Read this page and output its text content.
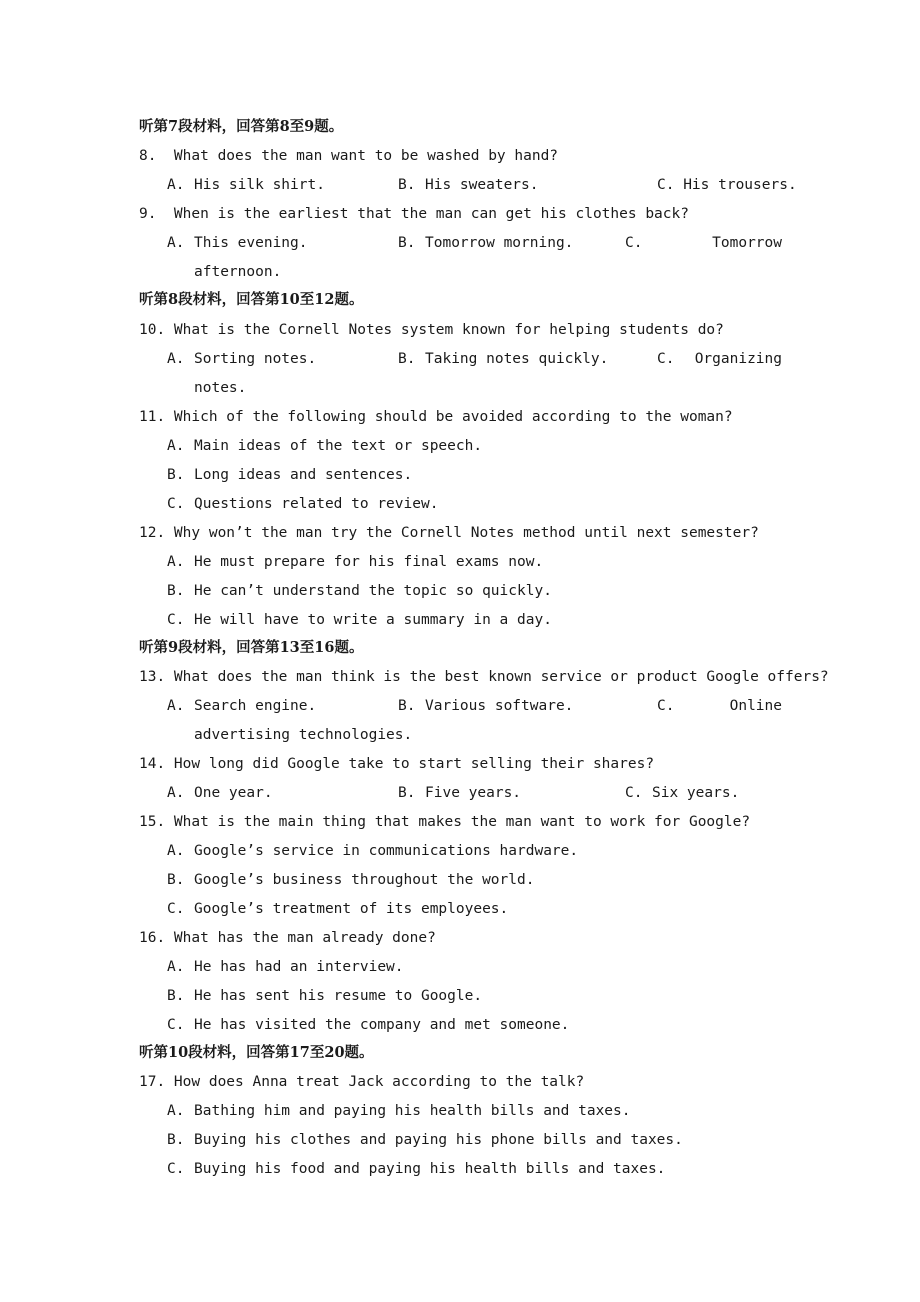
听第7段材料，回答第8至9题。
8.  What does the man want to be washed by hand?
A. His silk shirt.	B. His sweaters.	C. His trousers.
9.  When is the earliest that the man can get his clothes back?
A. This evening.	B. Tomorrow morning.	C.	Tomorrow
afternoon.
听第8段材料，回答第10至12题。
10. What is the Cornell Notes system known for helping students do?
A. Sorting notes.	B. Taking notes quickly.	C. Organizing
notes.
11. Which of the following should be avoided according to the woman?
A. Main ideas of the text or speech.
B. Long ideas and sentences.
C. Questions related to review.
12. Why won’t the man try the Cornell Notes method until next semester?
A. He must prepare for his final exams now.
B. He can’t understand the topic so quickly.
C. He will have to write a summary in a day.
听第9段材料，回答第13至16题。
13. What does the man think is the best known service or product Google offers?
A. Search engine.	B. Various software.	C.	Online
advertising technologies.
14. How long did Google take to start selling their shares?
A. One year.	B. Five years.	C. Six years.
15. What is the main thing that makes the man want to work for Google?
A. Google’s service in communications hardware.
B. Google’s business throughout the world.
C. Google’s treatment of its employees.
16. What has the man already done?
A. He has had an interview.
B. He has sent his resume to Google.
C. He has visited the company and met someone.
听第10段材料，回答第17至20题。
17. How does Anna treat Jack according to the talk?
A. Bathing him and paying his health bills and taxes.
B. Buying his clothes and paying his phone bills and taxes.
C. Buying his food and paying his health bills and taxes.
